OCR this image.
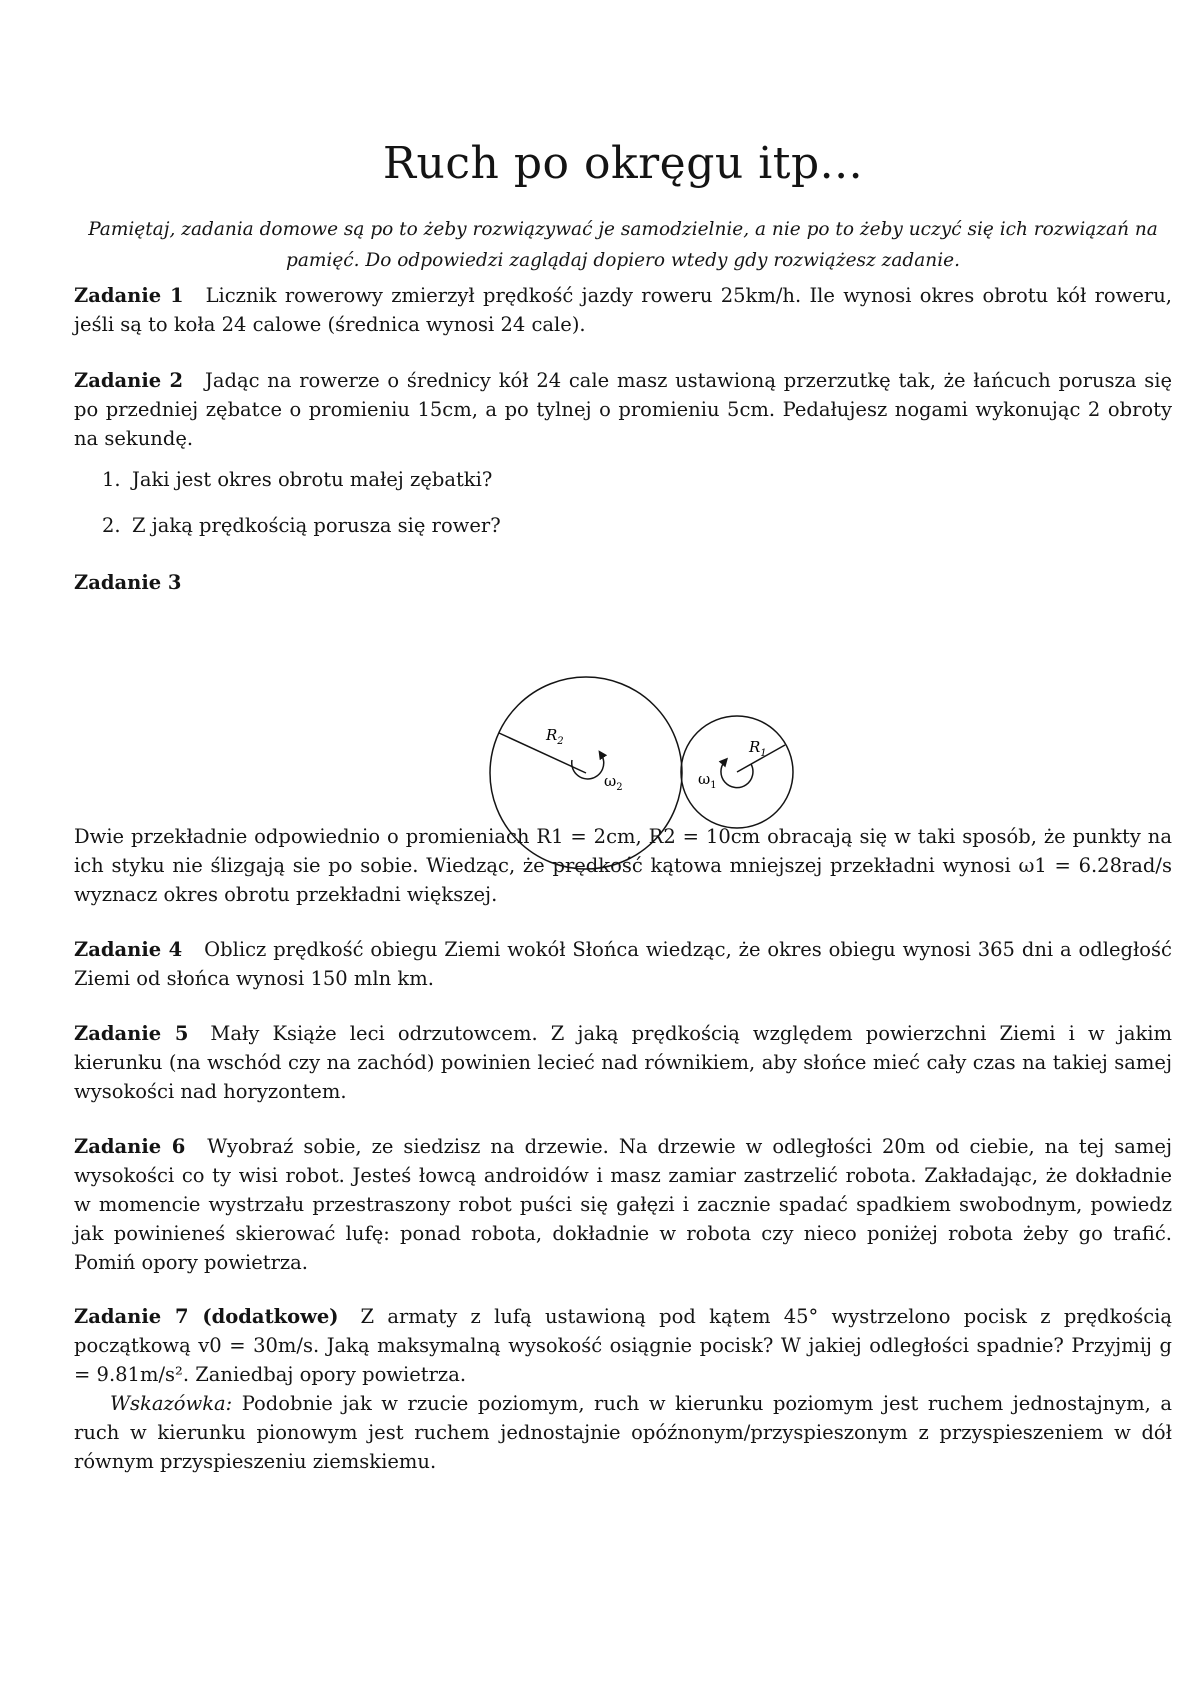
Ruch po okręgu itp...

Pamiętaj, zadania domowe są po to żeby rozwiązywać je samodzielnie, a nie po to żeby uczyć się ich rozwiązań na pamięć. Do odpowiedzi zaglądaj dopiero wtedy gdy rozwiążesz zadanie.

Zadanie 1 Licznik rowerowy zmierzył prędkość jazdy roweru 25km/h. Ile wynosi okres obrotu kół roweru, jeśli są to koła 24 calowe (średnica wynosi 24 cale).

Zadanie 2 Jadąc na rowerze o średnicy kół 24 cale masz ustawioną przerzutkę tak, że łańcuch porusza się po przedniej zębatce o promieniu 15cm, a po tylnej o promieniu 5cm. Pedałujesz nogami wykonując 2 obroty na sekundę.

1. Jaki jest okres obrotu małej zębatki?

2. Z jaką prędkością porusza się rower?

Zadanie 3

$R_2$
$\omega_2$
$R_1$
$\omega_1$

Dwie przekładnie odpowiednio o promieniach R1 = 2cm, R2 = 10cm obracają się w taki sposób, że punkty na ich styku nie ślizgają sie po sobie. Wiedząc, że prędkość kątowa mniejszej przekładni wynosi ω1 = 6.28rad/s wyznacz okres obrotu przekładni większej.

Zadanie 4 Oblicz prędkość obiegu Ziemi wokół Słońca wiedząc, że okres obiegu wynosi 365 dni a odległość Ziemi od słońca wynosi 150 mln km.

Zadanie 5 Mały Książe leci odrzutowcem. Z jaką prędkością względem powierzchni Ziemi i w jakim kierunku (na wschód czy na zachód) powinien lecieć nad równikiem, aby słońce mieć cały czas na takiej samej wysokości nad horyzontem.

Zadanie 6 Wyobraź sobie, ze siedzisz na drzewie. Na drzewie w odległości 20m od ciebie, na tej samej wysokości co ty wisi robot. Jesteś łowcą androidów i masz zamiar zastrzelić robota. Zakładając, że dokładnie w momencie wystrzału przestraszony robot puści się gałęzi i zacznie spadać spadkiem swobodnym, powiedz jak powinieneś skierować lufę: ponad robota, dokładnie w robota czy nieco poniżej robota żeby go trafić. Pomiń opory powietrza.

Zadanie 7 (dodatkowe) Z armaty z lufą ustawioną pod kątem 45° wystrzelono pocisk z prędkością początkową v0 = 30m/s. Jaką maksymalną wysokość osiągnie pocisk? W jakiej odległości spadnie? Przyjmij g = 9.81m/s². Zaniedbaj opory powietrza.

Wskazówka: Podobnie jak w rzucie poziomym, ruch w kierunku poziomym jest ruchem jednostajnym, a ruch w kierunku pionowym jest ruchem jednostajnie opóźnonym/przyspieszonym z przyspieszeniem w dół równym przyspieszeniu ziemskiemu.
